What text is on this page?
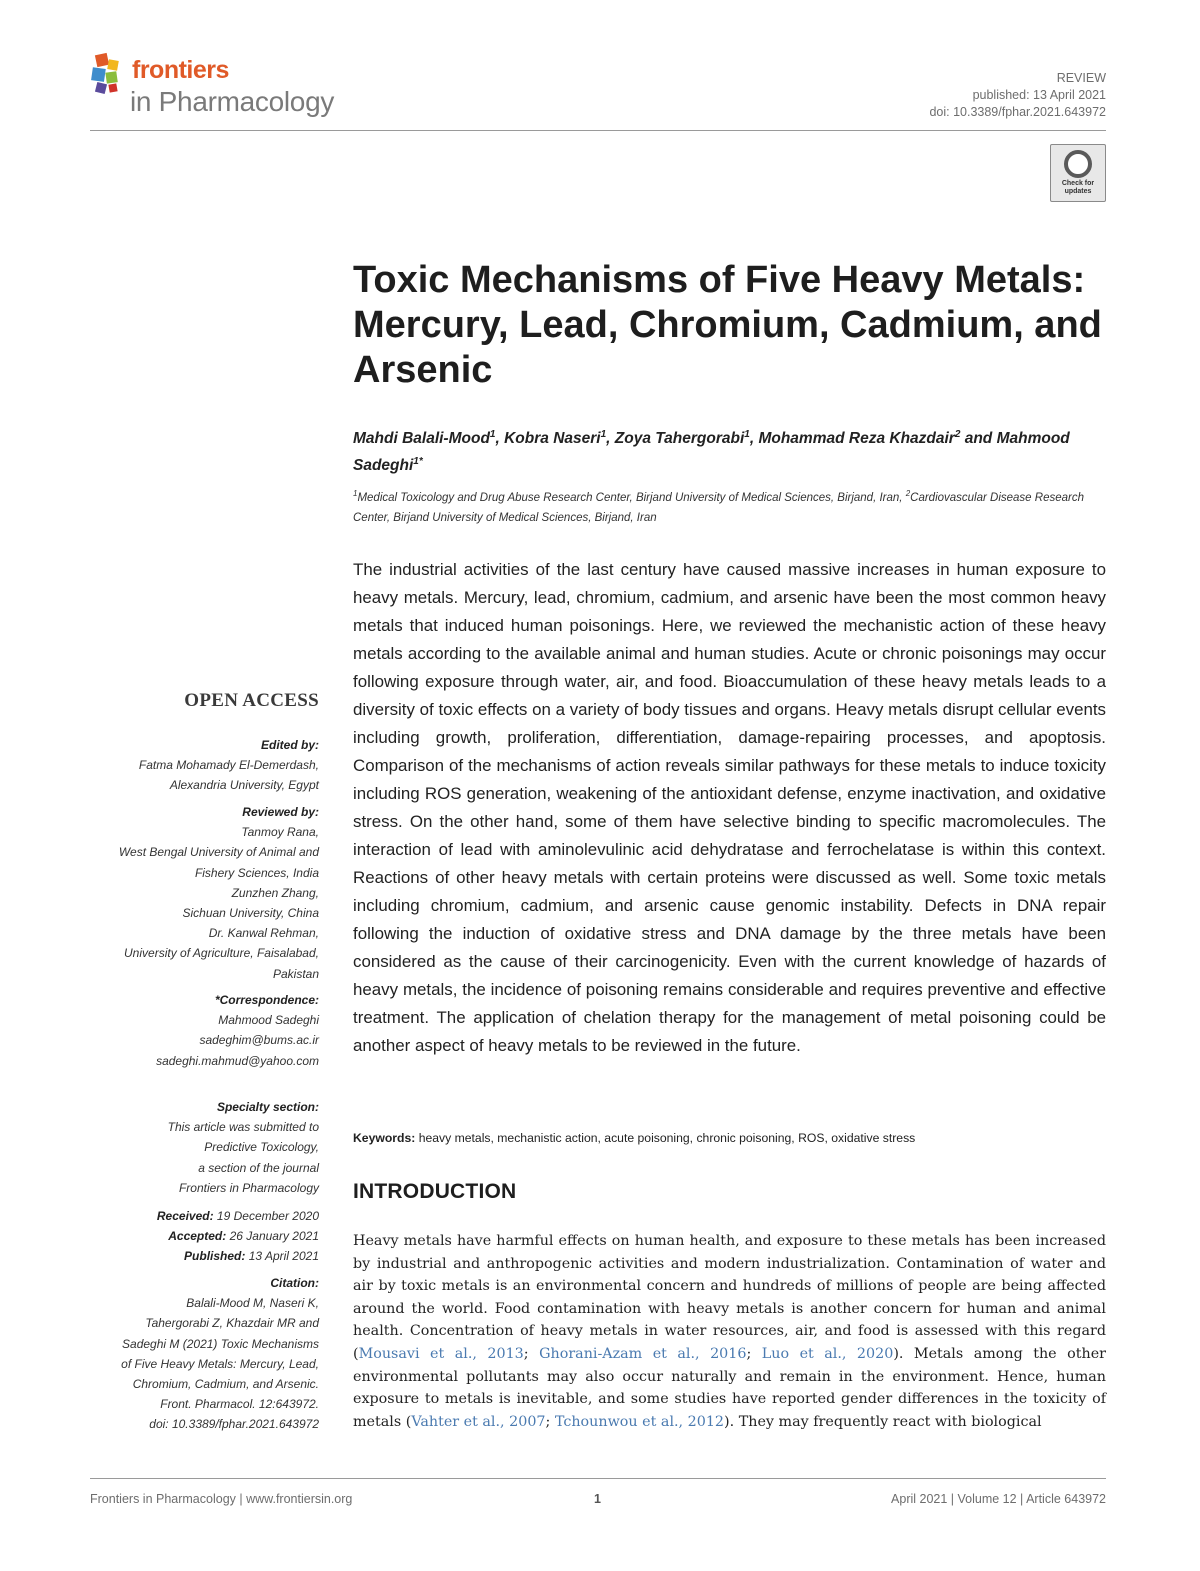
frontiers
in Pharmacology
REVIEW
published: 13 April 2021
doi: 10.3389/fphar.2021.643972
Check for updates
Toxic Mechanisms of Five Heavy Metals: Mercury, Lead, Chromium, Cadmium, and Arsenic

Mahdi Balali-Mood$^1$, Kobra Naseri$^1$, Zoya Tahergorabi$^1$, Mohammad Reza Khazdair$^2$ and Mahmood Sadeghi$^{1*}$

$^1$Medical Toxicology and Drug Abuse Research Center, Birjand University of Medical Sciences, Birjand, Iran, $^2$Cardiovascular Disease Research Center, Birjand University of Medical Sciences, Birjand, Iran

The industrial activities of the last century have caused massive increases in human exposure to heavy metals. Mercury, lead, chromium, cadmium, and arsenic have been the most common heavy metals that induced human poisonings. Here, we reviewed the mechanistic action of these heavy metals according to the available animal and human studies. Acute or chronic poisonings may occur following exposure through water, air, and food. Bioaccumulation of these heavy metals leads to a diversity of toxic effects on a variety of body tissues and organs. Heavy metals disrupt cellular events including growth, proliferation, differentiation, damage-repairing processes, and apoptosis. Comparison of the mechanisms of action reveals similar pathways for these metals to induce toxicity including ROS generation, weakening of the antioxidant defense, enzyme inactivation, and oxidative stress. On the other hand, some of them have selective binding to specific macromolecules. The interaction of lead with aminolevulinic acid dehydratase and ferrochelatase is within this context. Reactions of other heavy metals with certain proteins were discussed as well. Some toxic metals including chromium, cadmium, and arsenic cause genomic instability. Defects in DNA repair following the induction of oxidative stress and DNA damage by the three metals have been considered as the cause of their carcinogenicity. Even with the current knowledge of hazards of heavy metals, the incidence of poisoning remains considerable and requires preventive and effective treatment. The application of chelation therapy for the management of metal poisoning could be another aspect of heavy metals to be reviewed in the future.

Keywords: heavy metals, mechanistic action, acute poisoning, chronic poisoning, ROS, oxidative stress

INTRODUCTION

Heavy metals have harmful effects on human health, and exposure to these metals has been increased by industrial and anthropogenic activities and modern industrialization. Contamination of water and air by toxic metals is an environmental concern and hundreds of millions of people are being affected around the world. Food contamination with heavy metals is another concern for human and animal health. Concentration of heavy metals in water resources, air, and food is assessed with this regard (Mousavi et al., 2013; Ghorani-Azam et al., 2016; Luo et al., 2020). Metals among the other environmental pollutants may also occur naturally and remain in the environment. Hence, human exposure to metals is inevitable, and some studies have reported gender differences in the toxicity of metals (Vahter et al., 2007; Tchounwou et al., 2012). They may frequently react with biological

OPEN ACCESS
Edited by:
Fatma Mohamady El-Demerdash,
Alexandria University, Egypt
Reviewed by:
Tanmoy Rana,
West Bengal University of Animal and
Fishery Sciences, India
Zunzhen Zhang,
Sichuan University, China
Dr. Kanwal Rehman,
University of Agriculture, Faisalabad,
Pakistan
*Correspondence:
Mahmood Sadeghi
sadeghim@bums.ac.ir
sadeghi.mahmud@yahoo.com
Specialty section:
This article was submitted to
Predictive Toxicology,
a section of the journal
Frontiers in Pharmacology
Received: 19 December 2020
Accepted: 26 January 2021
Published: 13 April 2021
Citation:
Balali-Mood M, Naseri K,
Tahergorabi Z, Khazdair MR and
Sadeghi M (2021) Toxic Mechanisms
of Five Heavy Metals: Mercury, Lead,
Chromium, Cadmium, and Arsenic.
Front. Pharmacol. 12:643972.
doi: 10.3389/fphar.2021.643972
Frontiers in Pharmacology | www.frontiersin.org	1	April 2021 | Volume 12 | Article 643972
